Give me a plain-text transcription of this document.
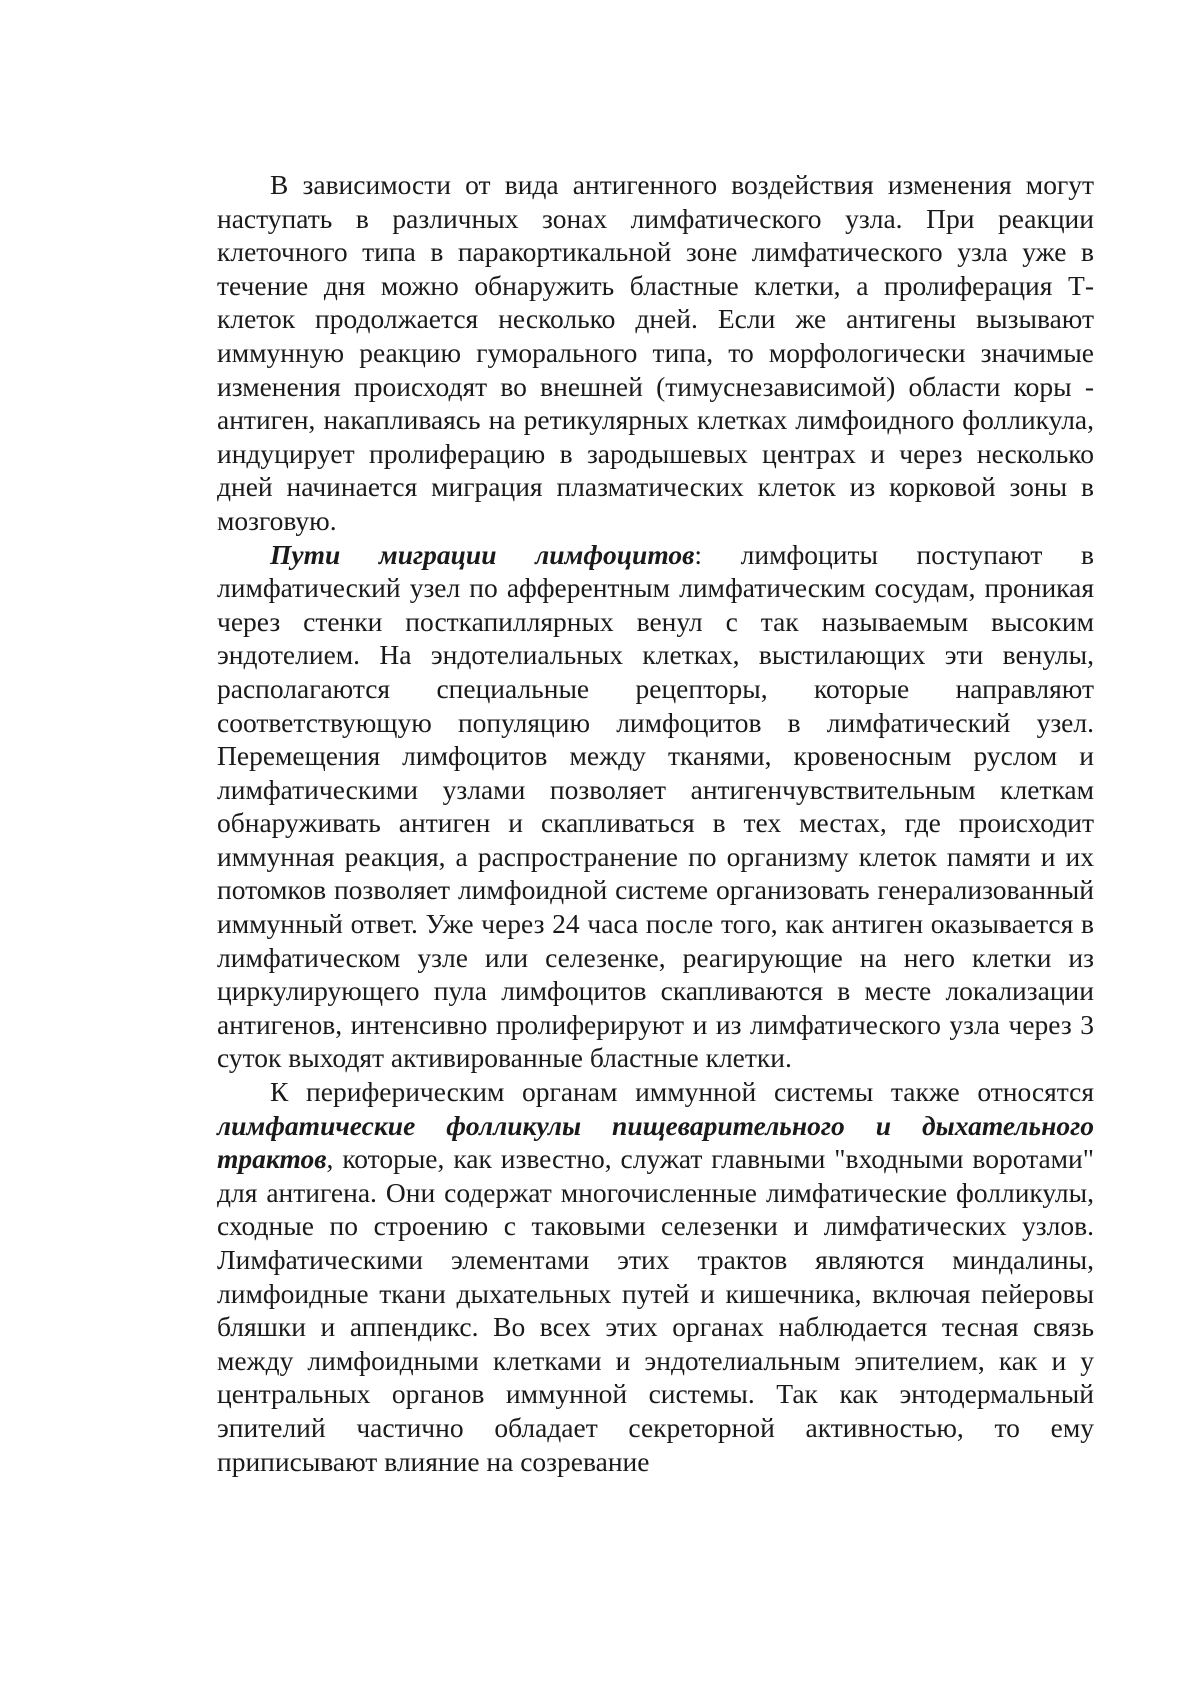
В зависимости от вида антигенного воздействия изменения могут наступать в различных зонах лимфатического узла. При реакции клеточного типа в паракортикальной зоне лимфатического узла уже в течение дня можно обнаружить бластные клетки, а пролиферация Т-клеток продолжается несколько дней. Если же антигены вызывают иммунную реакцию гуморального типа, то морфологически значимые изменения происходят во внешней (тимуснезависимой) области коры - антиген, накапливаясь на ретикулярных клетках лимфоидного фолликула, индуцирует пролиферацию в зародышевых центрах и через несколько дней начинается миграция плазматических клеток из корковой зоны в мозговую.

Пути миграции лимфоцитов: лимфоциты поступают в лимфатический узел по афферентным лимфатическим сосудам, проникая через стенки посткапиллярных венул с так называемым высоким эндотелием. На эндотелиальных клетках, выстилающих эти венулы, располагаются специальные рецепторы, которые направляют соответствующую популяцию лимфоцитов в лимфатический узел. Перемещения лимфоцитов между тканями, кровеносным руслом и лимфатическими узлами позволяет антигенчувствительным клеткам обнаруживать антиген и скапливаться в тех местах, где происходит иммунная реакция, а распространение по организму клеток памяти и их потомков позволяет лимфоидной системе организовать генерализованный иммунный ответ. Уже через 24 часа после того, как антиген оказывается в лимфатическом узле или селезенке, реагирующие на него клетки из циркулирующего пула лимфоцитов скапливаются в месте локализации антигенов, интенсивно пролиферируют и из лимфатического узла через 3 суток выходят активированные бластные клетки.

К периферическим органам иммунной системы также относятся лимфатические фолликулы пищеварительного и дыхательного трактов, которые, как известно, служат главными "входными воротами" для антигена. Они содержат многочисленные лимфатические фолликулы, сходные по строению с таковыми селезенки и лимфатических узлов. Лимфатическими элементами этих трактов являются миндалины, лимфоидные ткани дыхательных путей и кишечника, включая пейеровы бляшки и аппендикс. Во всех этих органах наблюдается тесная связь между лимфоидными клетками и эндотелиальным эпителием, как и у центральных органов иммунной системы. Так как энтодермальный эпителий частично обладает секреторной активностью, то ему приписывают влияние на созревание
